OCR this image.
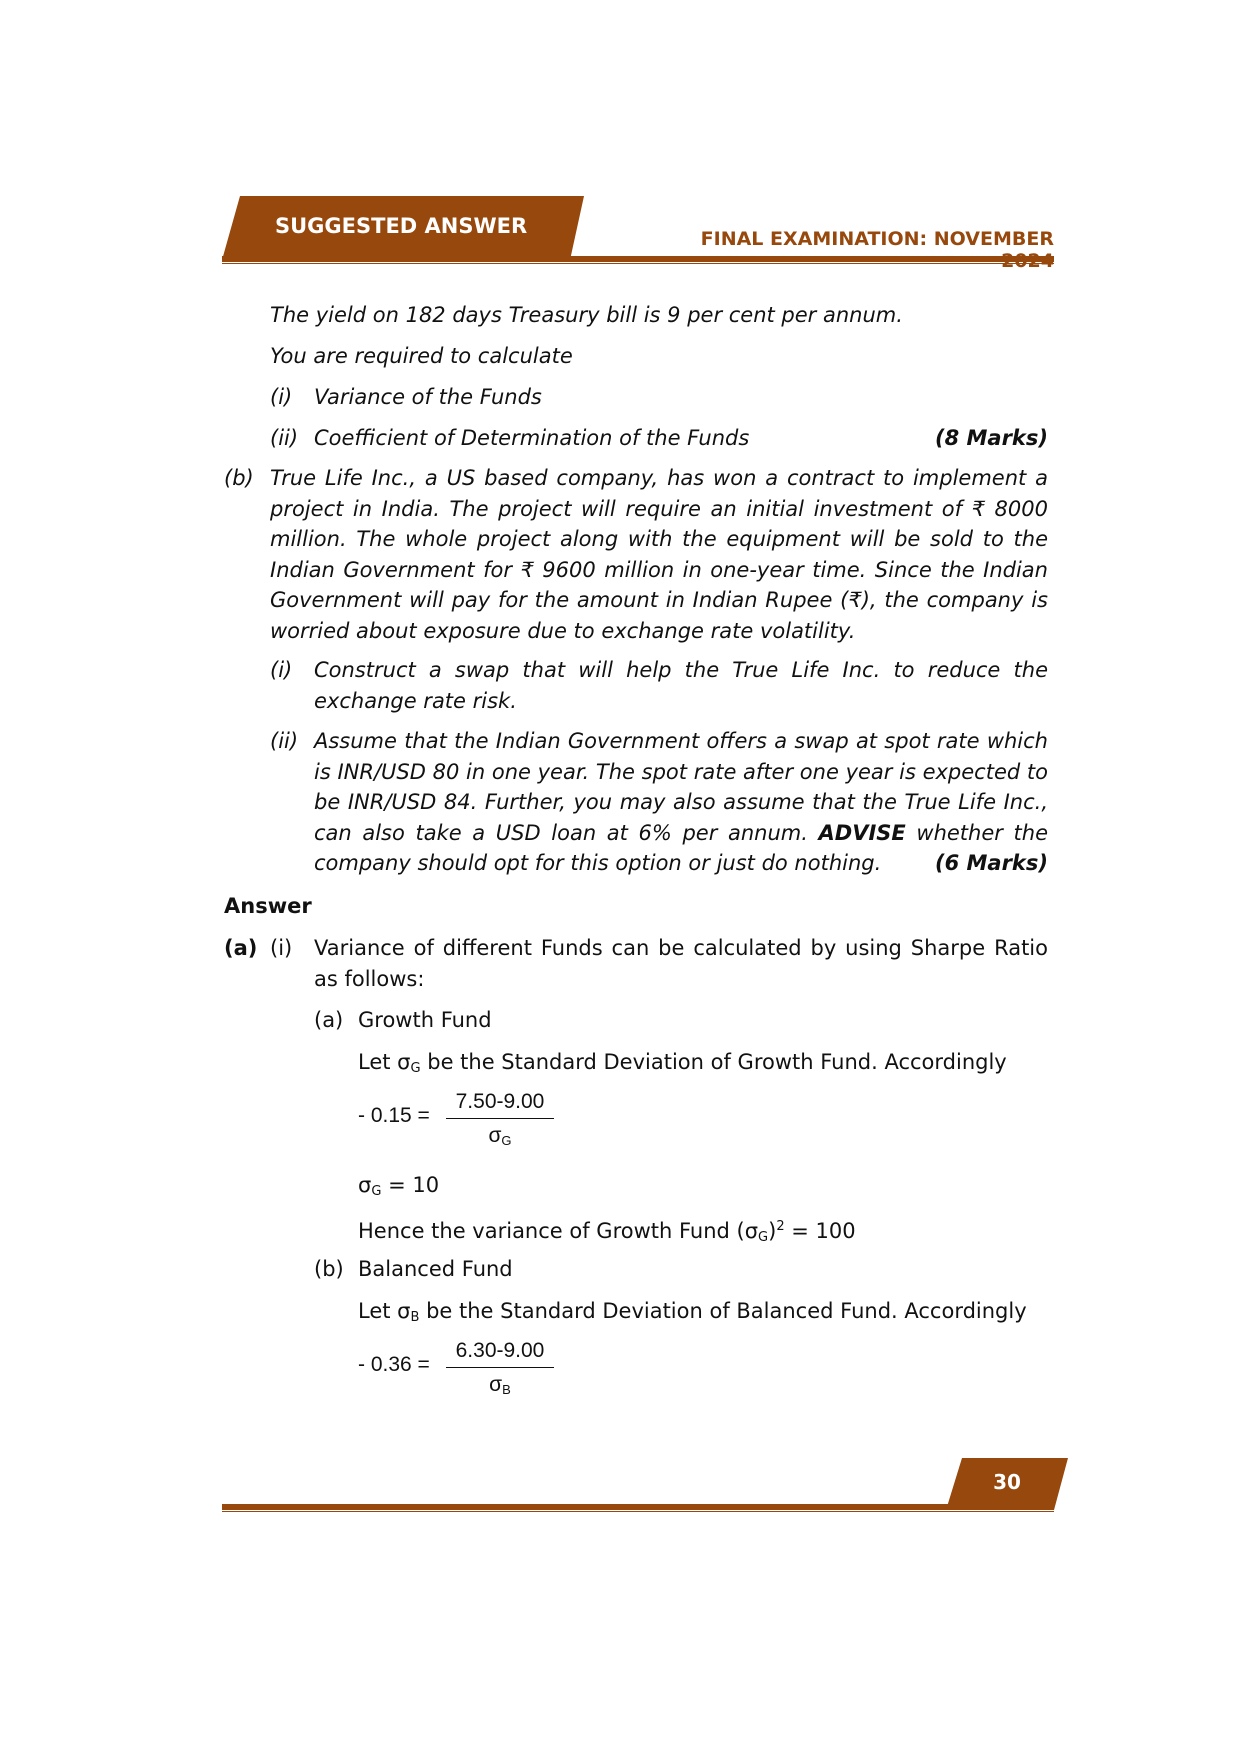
SUGGESTED ANSWER
FINAL EXAMINATION: NOVEMBER
The yield on 182 days Treasury bill is 9 per cent per annum.
You are required to calculate
(i) Variance of the Funds
(ii) Coefficient of Determination of the Funds	(8 Marks)
(b) True Life Inc., a US based company, has won a contract to implement a project in India. The project will require an initial investment of ₹ 8000 million. The whole project along with the equipment will be sold to the Indian Government for ₹ 9600 million in one-year time. Since the Indian Government will pay for the amount in Indian Rupee (₹), the company is worried about exposure due to exchange rate volatility.
(i) Construct a swap that will help the True Life Inc. to reduce the exchange rate risk.
(ii) Assume that the Indian Government offers a swap at spot rate which is INR/USD 80 in one year. The spot rate after one year is expected to be INR/USD 84. Further, you may also assume that the True Life Inc., can also take a USD loan at 6% per annum. ADVISE whether the company should opt for this option or just do nothing.	(6 Marks)
Answer
(a) (i) Variance of different Funds can be calculated by using Sharpe Ratio as follows:
(a) Growth Fund
Let $\sigma_G$ be the Standard Deviation of Growth Fund. Accordingly
- 0.15 =
7.50-9.00
$\sigma_G$
$\sigma_G = 10$
Hence the variance of Growth Fund $(\sigma_G)^2 = 100$
(b) Balanced Fund
Let $\sigma_B$ be the Standard Deviation of Balanced Fund. Accordingly
- 0.36 =
6.30-9.00
$\sigma_B$
30
